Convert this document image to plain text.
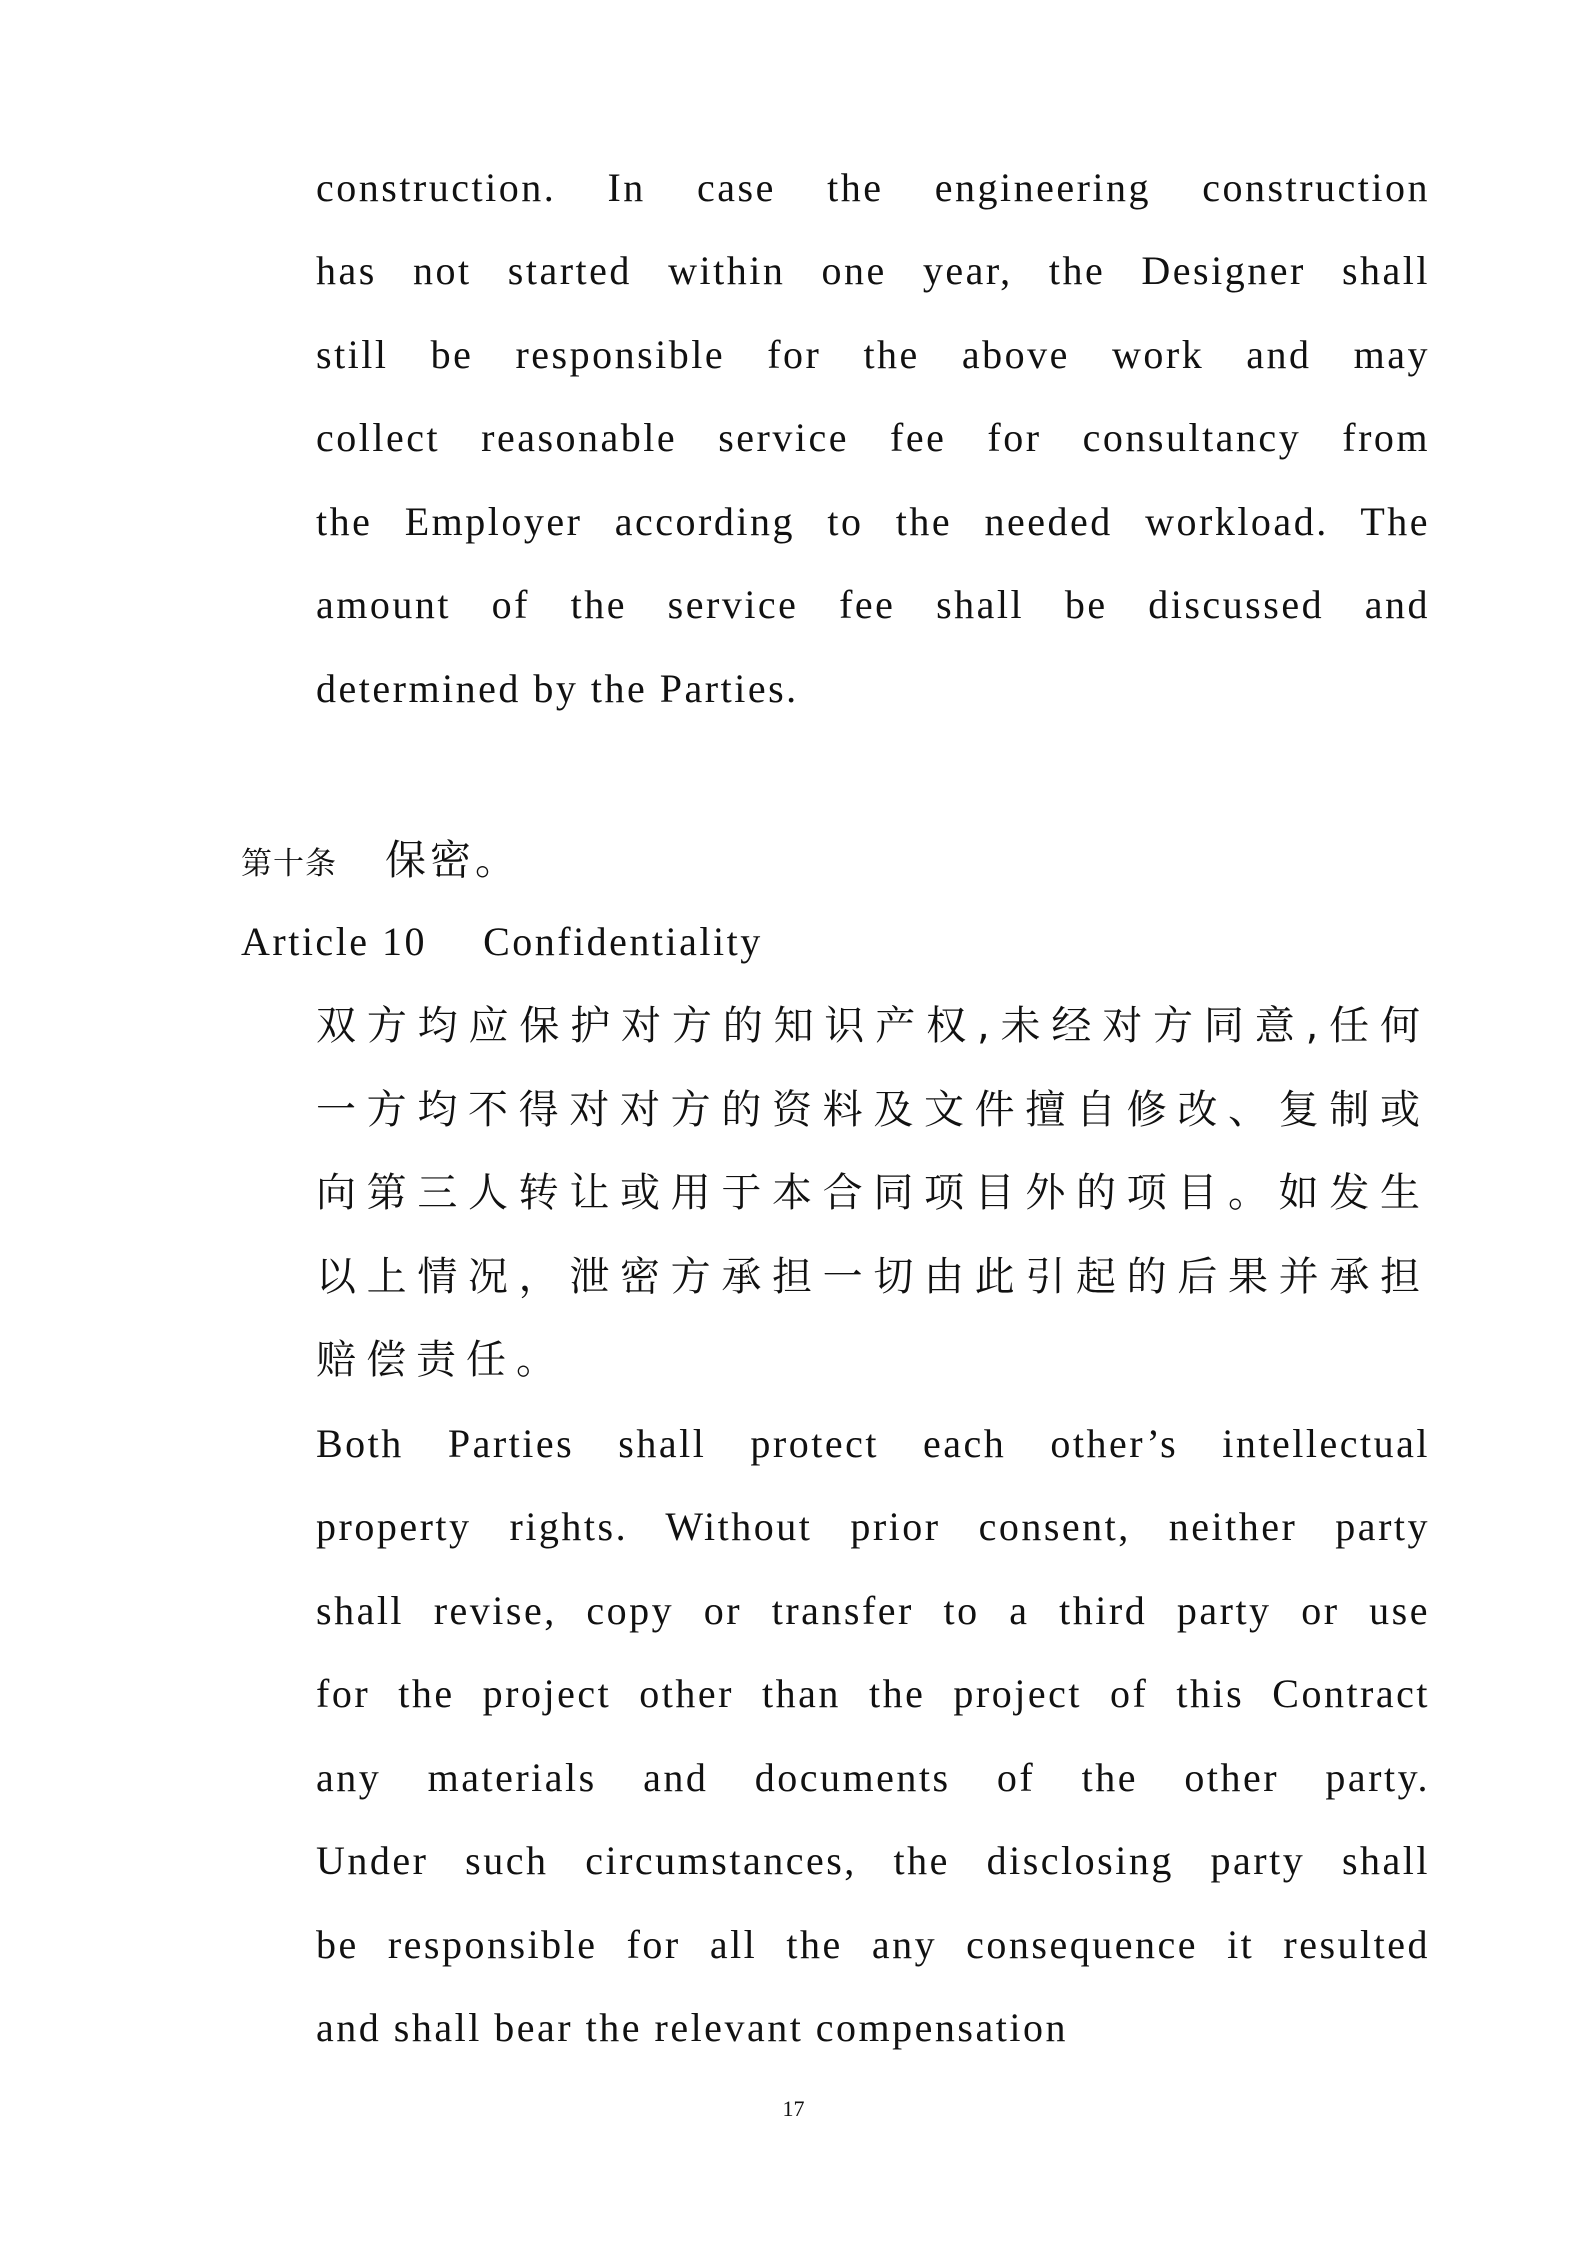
construction. In case the engineering construction
has not started within one year, the Designer shall
still be responsible for the above work and may
collect reasonable service fee for consultancy from
the Employer according to the needed workload. The
amount of the service fee shall be discussed and
determined by the Parties.
第十条 保密。
Article 10 Confidentiality
双方均应保护对方的知识产权,未经对方同意,任何
一方均不得对对方的资料及文件擅自修改、复制或
向第三人转让或用于本合同项目外的项目。如发生
以上情况，泄密方承担一切由此引起的后果并承担
赔偿责任。
Both Parties shall protect each other’s intellectual
property rights. Without prior consent, neither party
shall revise, copy or transfer to a third party or use
for the project other than the project of this Contract
any materials and documents of the other party.
Under such circumstances, the disclosing party shall
be responsible for all the any consequence it resulted
and shall bear the relevant compensation
17
